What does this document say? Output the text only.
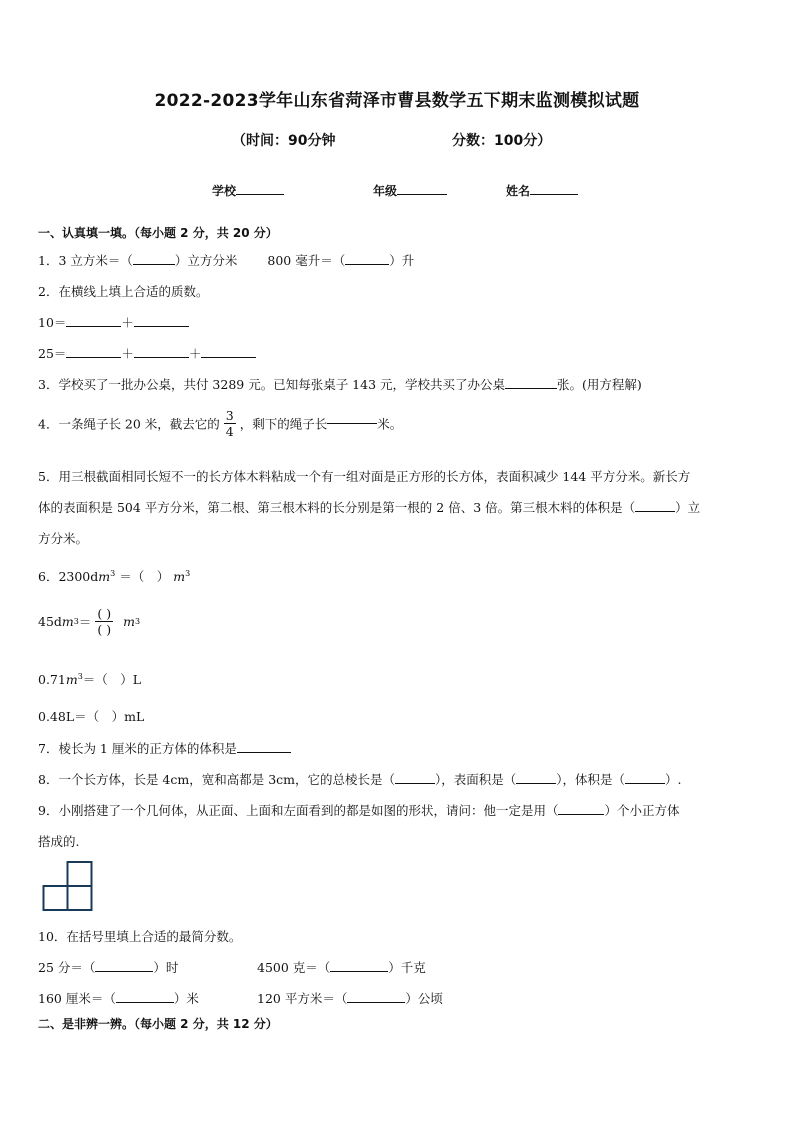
2022-2023学年山东省菏泽市曹县数学五下期末监测模拟试题
（时间：90分钟	分数：100分）
学校	年级	姓名
一、认真填一填。（每小题 2 分，共 20 分）
1．3 立方米＝（	）立方分米 800 毫升＝（	）升
2．在横线上填上合适的质数。
10＝	＋
25＝	＋	＋
3．学校买了一批办公桌，共付 3289 元。已知每张桌子 143 元，学校共买了办公桌	张。(用方程解)
4．一条绳子长 20 米，截去它的 $\frac{3}{4}$ ，剩下的绳子长	米。
5．用三根截面相同长短不一的长方体木料粘成一个有一组对面是正方形的长方体，表面积减少 144 平方分米。新长方
体的表面积是 504 平方分米，第二根、第三根木料的长分别是第一根的 2 倍、3 倍。第三根木料的体积是（	）立
方分米。
6．$2300dm^3$ ＝（　） $m^3$
$45dm3= \frac{( )}{( )} m3$
$0.71m^3=$（　）L
0.48L＝（　）mL
7．棱长为 1 厘米的正方体的体积是
8．一个长方体，长是 4cm，宽和高都是 3cm，它的总棱长是（	），表面积是（	），体积是（	）.
9．小刚搭建了一个几何体，从正面、上面和左面看到的都是如图的形状，请问：他一定是用（	）个小正方体
搭成的.
10．在括号里填上合适的最简分数。
25 分＝（	）时	4500 克＝（	）千克
160 厘米＝（	）米	120 平方米＝（	）公顷
二、是非辨一辨。（每小题 2 分，共 12 分）
